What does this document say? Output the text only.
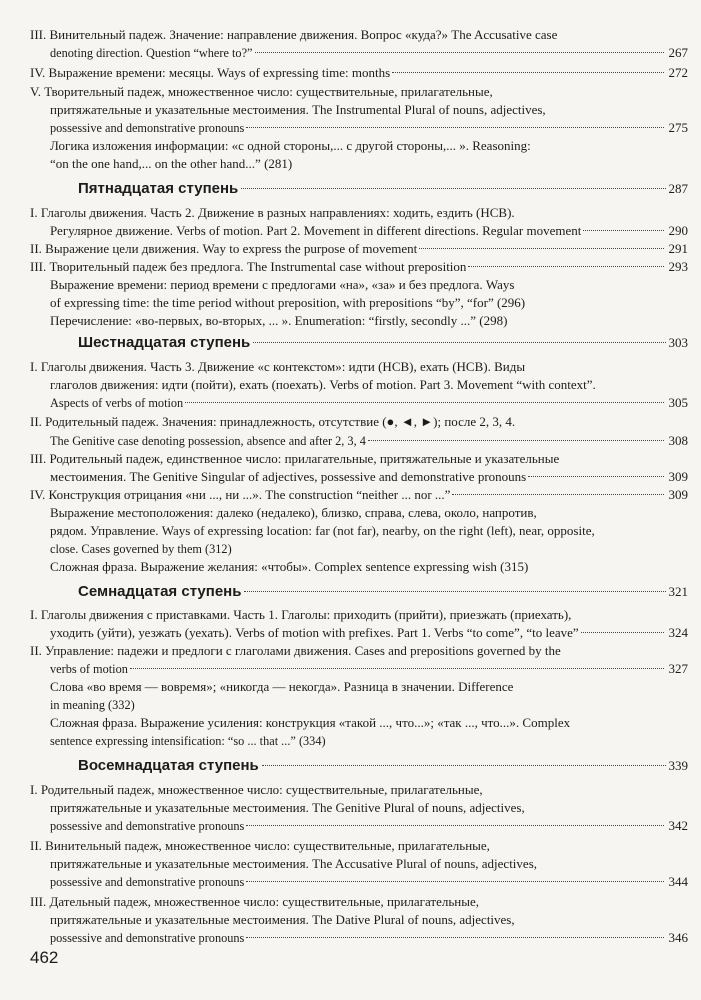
III. Винительный падеж. Значение: направление движения. Вопрос «куда?» The Accusative case
denoting direction. Question “where to?”	267
IV. Выражение времени: месяцы. Ways of expressing time: months	272
V. Творительный падеж, множественное число: существительные, прилагательные,
притяжательные и указательные местоимения. The Instrumental Plural of nouns, adjectives,
possessive and demonstrative pronouns	275
Логика изложения информации: «с одной стороны,... с другой стороны,... ». Reasoning:
“on the one hand,... on the other hand...” (281)
Пятнадцатая ступень	287
I. Глаголы движения. Часть 2. Движение в разных направлениях: ходить, ездить (НСВ).
Регулярное движение. Verbs of motion. Part 2. Movement in different directions. Regular movement	290
II. Выражение цели движения. Way to express the purpose of movement	291
III. Творительный падеж без предлога. The Instrumental case without preposition	293
Выражение времени: период времени с предлогами «на», «за» и без предлога. Ways
of expressing time: the time period without preposition, with prepositions “by”, “for” (296)
Перечисление: «во-первых, во-вторых, ... ». Enumeration: “firstly, secondly ...” (298)
Шестнадцатая ступень	303
I. Глаголы движения. Часть 3. Движение «с контекстом»: идти (НСВ), ехать (НСВ). Виды
глаголов движения: идти (пойти), ехать (поехать). Verbs of motion. Part 3. Movement “with context”.
Aspects of verbs of motion	305
II. Родительный падеж. Значения: принадлежность, отсутствие (●, ◄, ►); после 2, 3, 4.
The Genitive case denoting possession, absence and after 2, 3, 4	308
III. Родительный падеж, единственное число: прилагательные, притяжательные и указательные
местоимения. The Genitive Singular of adjectives, possessive and demonstrative pronouns	309
IV. Конструкция отрицания «ни ..., ни ...». The construction “neither ... nor ...”	309
Выражение местоположения: далеко (недалеко), близко, справа, слева, около, напротив,
рядом. Управление. Ways of expressing location: far (not far), nearby, on the right (left), near, opposite,
close. Cases governed by them (312)
Сложная фраза. Выражение желания: «чтобы». Complex sentence expressing wish (315)
Семнадцатая ступень	321
I. Глаголы движения с приставками. Часть 1. Глаголы: приходить (прийти), приезжать (приехать),
уходить (уйти), уезжать (уехать). Verbs of motion with prefixes. Part 1. Verbs “to come”, “to leave”	324
II. Управление: падежи и предлоги с глаголами движения. Cases and prepositions governed by the
verbs of motion	327
Слова «во время — вовремя»; «никогда — некогда». Разница в значении. Difference
in meaning (332)
Сложная фраза. Выражение усиления: конструкция «такой ..., что...»; «так ..., что...». Complex
sentence expressing intensification: “so ... that ...” (334)
Восемнадцатая ступень	339
I. Родительный падеж, множественное число: существительные, прилагательные,
притяжательные и указательные местоимения. The Genitive Plural of nouns, adjectives,
possessive and demonstrative pronouns	342
II. Винительный падеж, множественное число: существительные, прилагательные,
притяжательные и указательные местоимения. The Accusative Plural of nouns, adjectives,
possessive and demonstrative pronouns	344
III. Дательный падеж, множественное число: существительные, прилагательные,
притяжательные и указательные местоимения. The Dative Plural of nouns, adjectives,
possessive and demonstrative pronouns	346
462
